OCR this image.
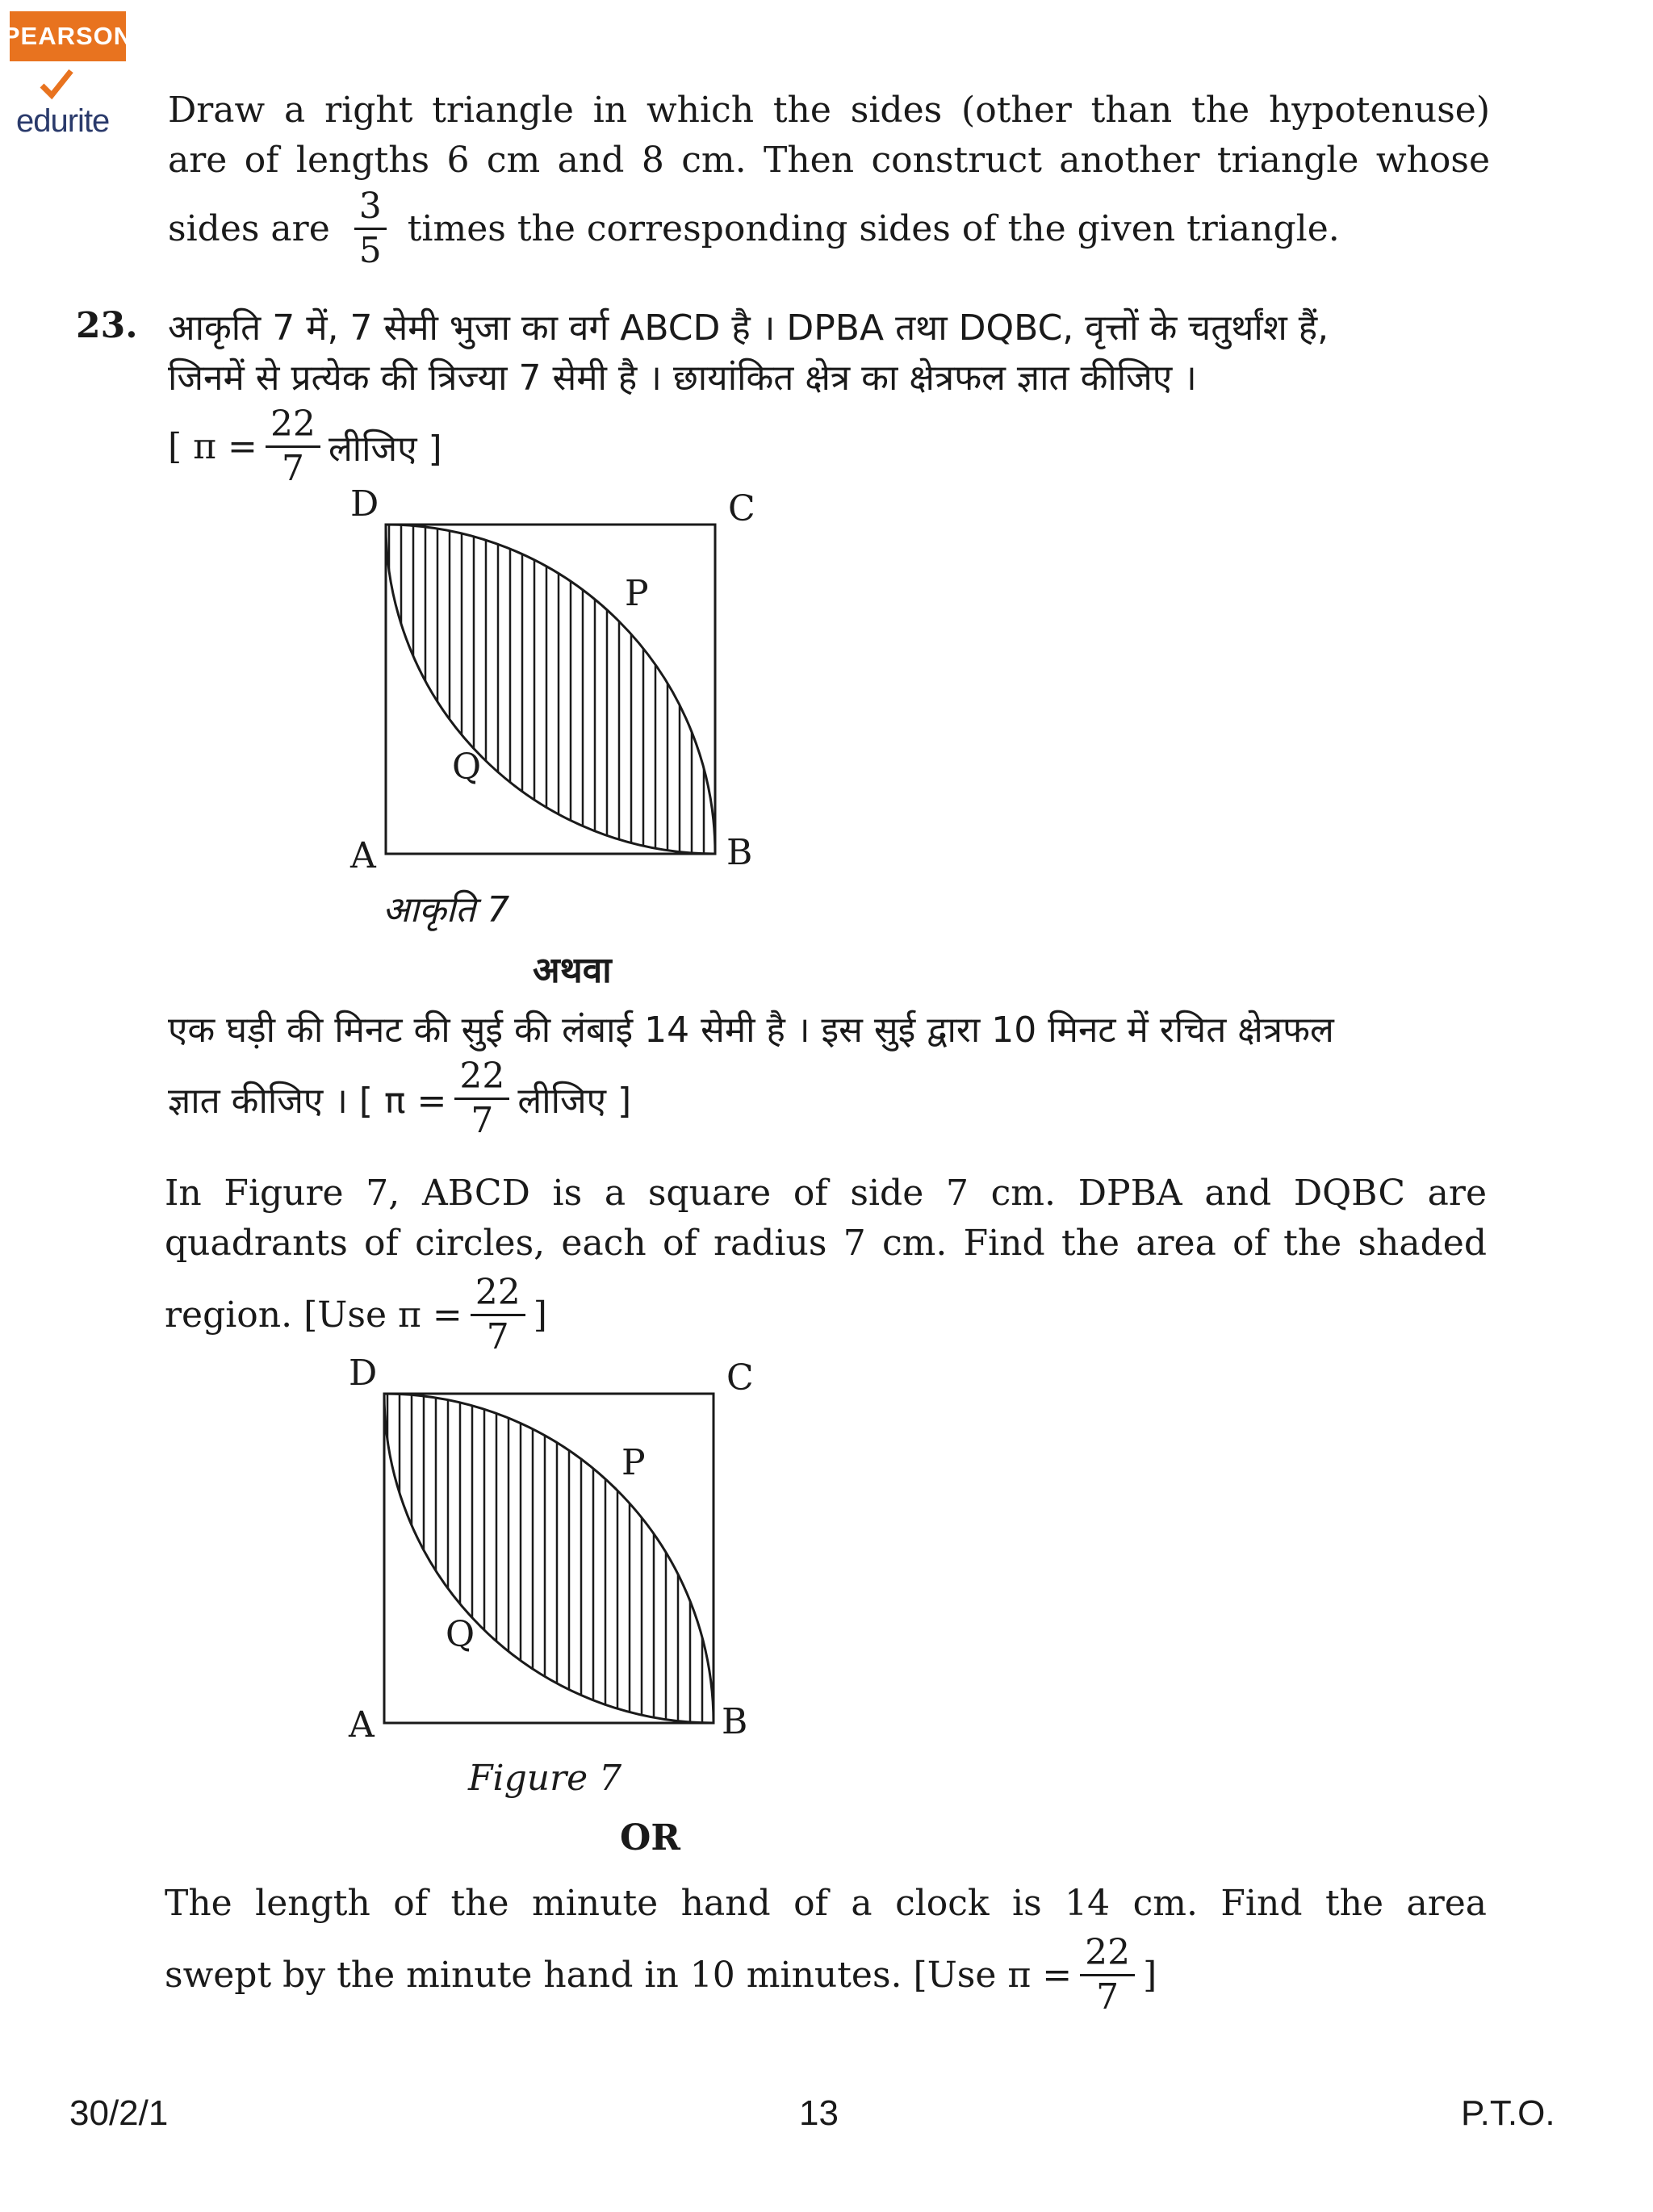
PEARSON
edurite Draw a right triangle in which the sides (other than the hypotenuse)
are of lengths 6 cm and 8 cm. Then construct another triangle whose
sides are $\frac{3}{5}$ times the corresponding sides of the given triangle.
23. आकृति 7 में, 7 सेमी भुजा का वर्ग ABCD है । DPBA तथा DQBC, वृत्तों के चतुर्थांश हैं,
जिनमें से प्रत्येक की त्रिज्या 7 सेमी है । छायांकित क्षेत्र का क्षेत्रफल ज्ञात कीजिए ।
[ $\pi = \frac{22}{7}$ लीजिए ]
D	C
P
Q
A	B
आकृति 7
अथवा
एक घड़ी की मिनट की सुई की लंबाई 14 सेमी है । इस सुई द्वारा 10 मिनट में रचित क्षेत्रफल
ज्ञात कीजिए । [ $\pi = \frac{22}{7}$ लीजिए ]
In Figure 7, ABCD is a square of side 7 cm. DPBA and DQBC are
quadrants of circles, each of radius 7 cm. Find the area of the shaded
region. [Use $\pi = \frac{22}{7}$ ]
D	C
P
Q
A	B
Figure 7
OR
The length of the minute hand of a clock is 14 cm. Find the area
swept by the minute hand in 10 minutes. [Use $\pi = \frac{22}{7}$ ]
30/2/1	13	P.T.O.
